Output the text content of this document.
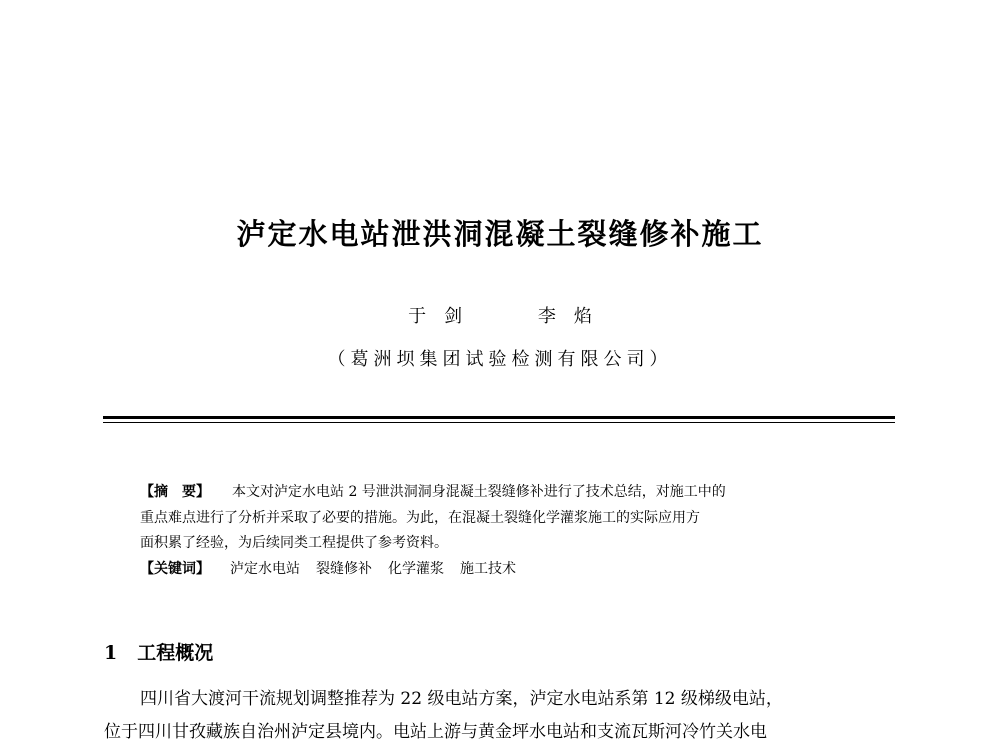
泸定水电站泄洪洞混凝土裂缝修补施工
于　剑	李　焰
（葛洲坝集团试验检测有限公司）
【摘　要】 本文对泸定水电站 2 号泄洪洞洞身混凝土裂缝修补进行了技术总结，对施工中的
重点难点进行了分析并采取了必要的措施。为此，在混凝土裂缝化学灌浆施工的实际应用方
面积累了经验，为后续同类工程提供了参考资料。
【关键词】 泸定水电站 裂缝修补 化学灌浆 施工技术
1 工程概况
四川省大渡河干流规划调整推荐为 22 级电站方案，泸定水电站系第 12 级梯级电站，
位于四川甘孜藏族自治州泸定县境内。电站上游与黄金坪水电站和支流瓦斯河冷竹关水电
